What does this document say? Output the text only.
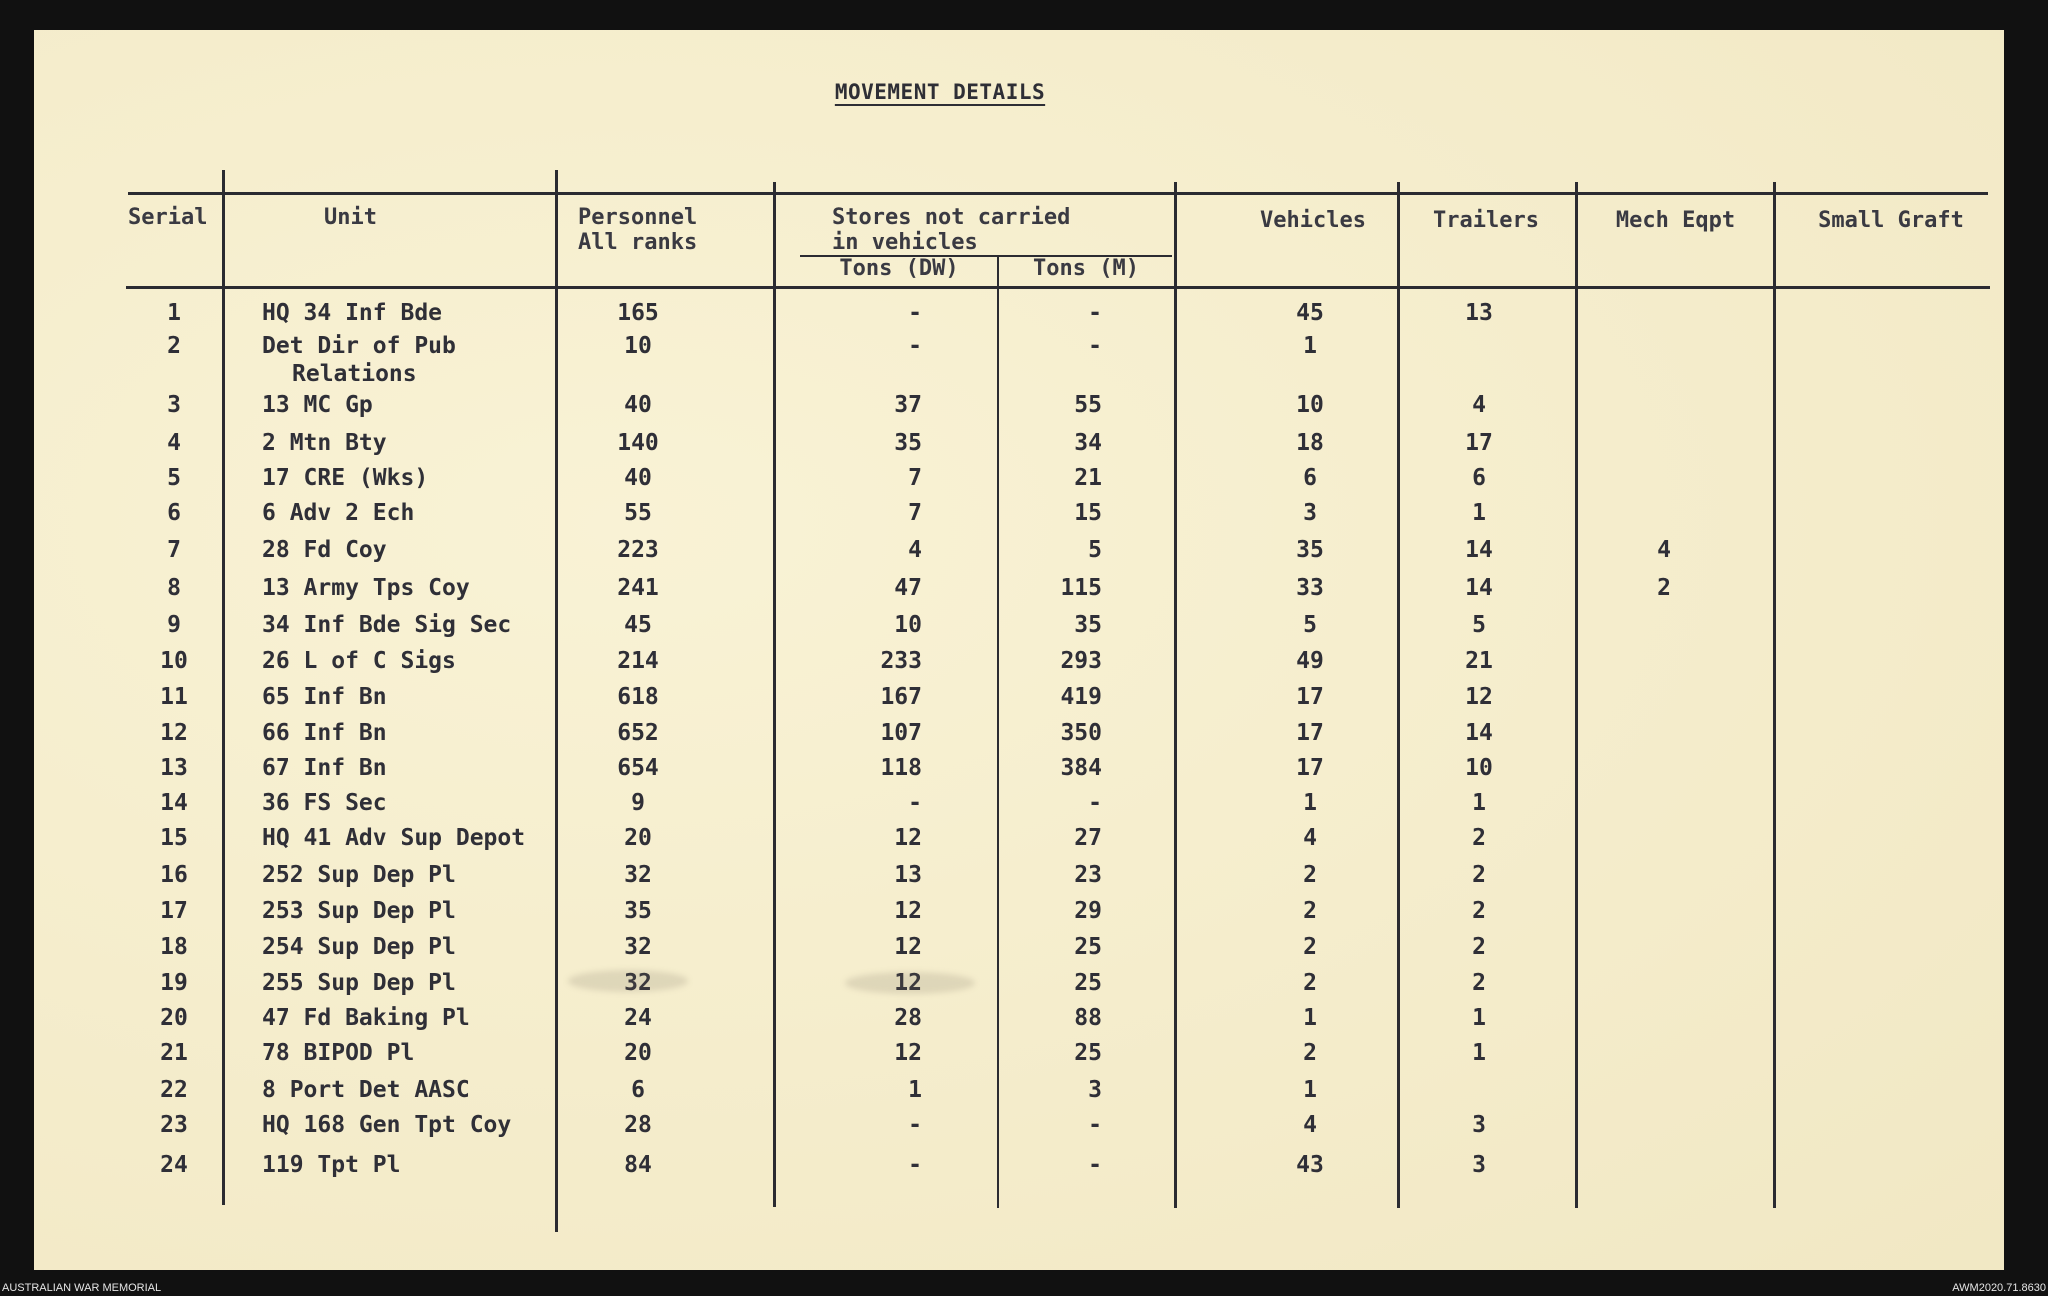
MOVEMENT DETAILS
Serial	Unit	Personnel
All ranks
Stores not carried
in vehicles
Tons (DW)	Tons (M)
Vehicles	Trailers	Mech Eqpt	Small Graft
1	HQ 34 Inf Bde	165	-	-	45	13
2	Det Dir of Pub	10	-	-	1
Relations
3	13 MC Gp	40	37	55	10	4
4	2 Mtn Bty	140	35	34	18	17
5	17 CRE (Wks)	40	7	21	6	6
6	6 Adv 2 Ech	55	7	15	3	1
7	28 Fd Coy	223	4	5	35	14	4
8	13 Army Tps Coy	241	47	115	33	14	2
9	34 Inf Bde Sig Sec	45	10	35	5	5
10	26 L of C Sigs	214	233	293	49	21
11	65 Inf Bn	618	167	419	17	12
12	66 Inf Bn	652	107	350	17	14
13	67 Inf Bn	654	118	384	17	10
14	36 FS Sec	9	-	-	1	1
15	HQ 41 Adv Sup Depot	20	12	27	4	2
16	252 Sup Dep Pl	32	13	23	2	2
17	253 Sup Dep Pl	35	12	29	2	2
18	254 Sup Dep Pl	32	12	25	2	2
19	255 Sup Dep Pl	32	12	25	2	2
20	47 Fd Baking Pl	24	28	88	1	1
21	78 BIPOD Pl	20	12	25	2	1
22	8 Port Det AASC	6	1	3	1
23	HQ 168 Gen Tpt Coy	28	-	-	4	3
24	119 Tpt Pl	84	-	-	43	3
AUSTRALIAN WAR MEMORIAL	AWM2020.71.8630
